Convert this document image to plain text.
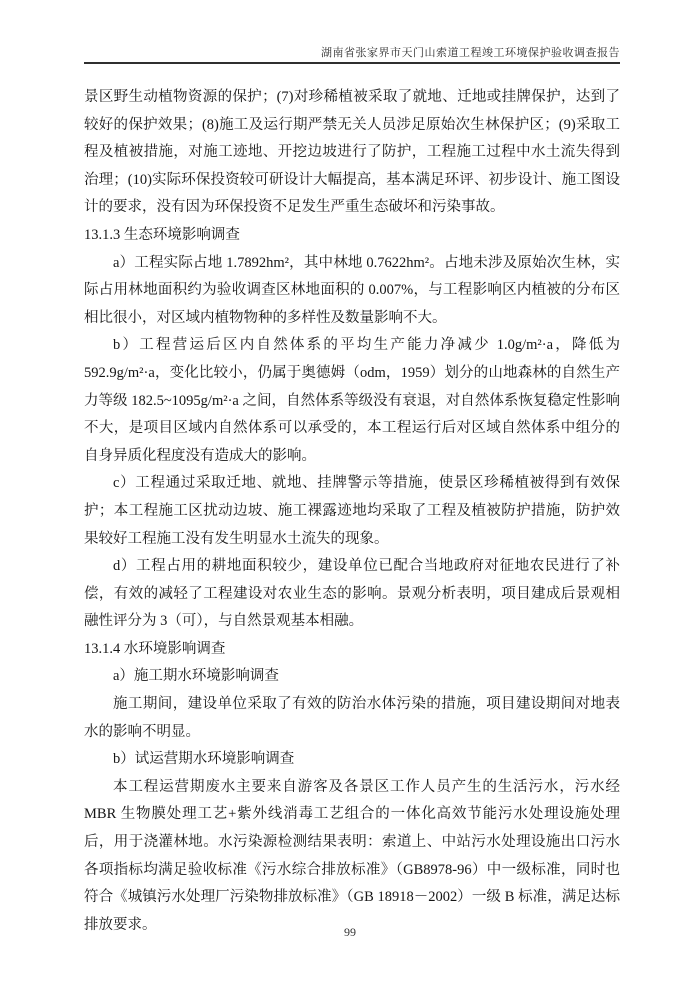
湖南省张家界市天门山索道工程竣工环境保护验收调查报告

景区野生动植物资源的保护；(7)对珍稀植被采取了就地、迁地或挂牌保护，达到了较好的保护效果；(8)施工及运行期严禁无关人员涉足原始次生林保护区；(9)采取工程及植被措施，对施工迹地、开挖边坡进行了防护，工程施工过程中水土流失得到治理；(10)实际环保投资较可研设计大幅提高，基本满足环评、初步设计、施工图设计的要求，没有因为环保投资不足发生严重生态破坏和污染事故。

13.1.3 生态环境影响调查

a）工程实际占地 1.7892hm²，其中林地 0.7622hm²。占地未涉及原始次生林，实际占用林地面积约为验收调查区林地面积的 0.007%，与工程影响区内植被的分布区相比很小，对区域内植物物种的多样性及数量影响不大。

b）工程营运后区内自然体系的平均生产能力净减少 1.0g/m²·a，降低为 592.9g/m²·a，变化比较小，仍属于奥德姆（odm，1959）划分的山地森林的自然生产力等级 182.5~1095g/m²·a 之间，自然体系等级没有衰退，对自然体系恢复稳定性影响不大，是项目区域内自然体系可以承受的，本工程运行后对区域自然体系中组分的自身异质化程度没有造成大的影响。

c）工程通过采取迁地、就地、挂牌警示等措施，使景区珍稀植被得到有效保护；本工程施工区扰动边坡、施工裸露迹地均采取了工程及植被防护措施，防护效果较好工程施工没有发生明显水土流失的现象。

d）工程占用的耕地面积较少，建设单位已配合当地政府对征地农民进行了补偿，有效的减轻了工程建设对农业生态的影响。景观分析表明，项目建成后景观相融性评分为 3（可），与自然景观基本相融。

13.1.4 水环境影响调查

a）施工期水环境影响调查

施工期间，建设单位采取了有效的防治水体污染的措施，项目建设期间对地表水的影响不明显。

b）试运营期水环境影响调查

本工程运营期废水主要来自游客及各景区工作人员产生的生活污水，污水经 MBR 生物膜处理工艺+紫外线消毒工艺组合的一体化高效节能污水处理设施处理后，用于浇灌林地。水污染源检测结果表明：索道上、中站污水处理设施出口污水各项指标均满足验收标准《污水综合排放标准》（GB8978-96）中一级标准，同时也符合《城镇污水处理厂污染物排放标准》（GB 18918－2002）一级 B 标准，满足达标排放要求。	99
